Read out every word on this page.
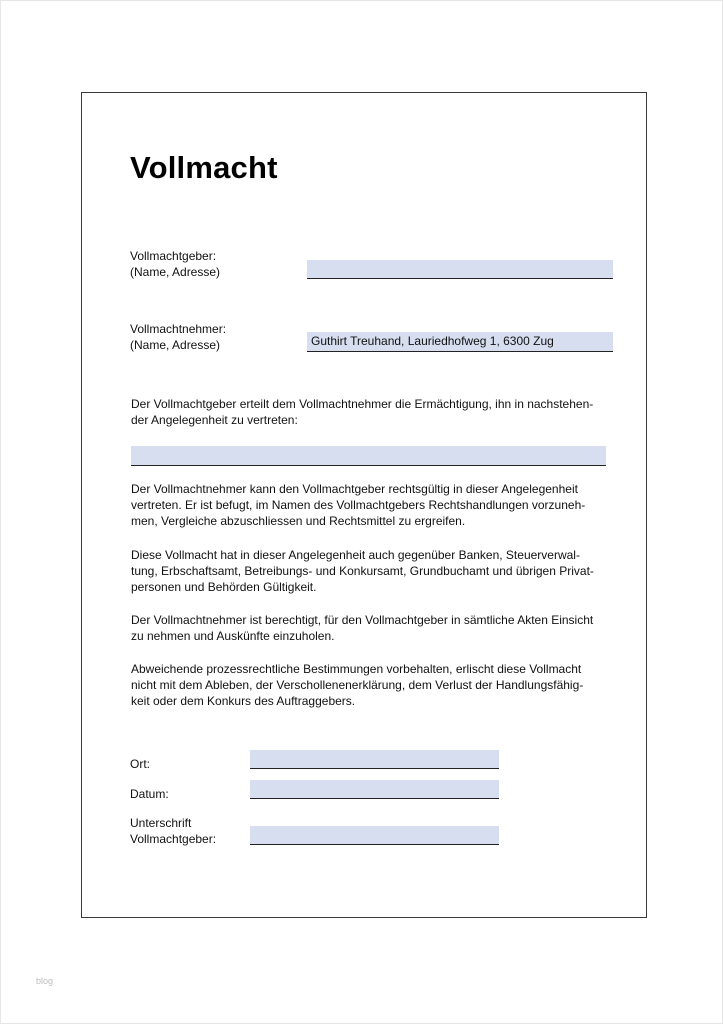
Vollmacht
Vollmachtgeber:
(Name, Adresse)
Vollmachtnehmer:
(Name, Adresse)	Guthirt Treuhand, Lauriedhofweg 1, 6300 Zug
Der Vollmachtgeber erteilt dem Vollmachtnehmer die Ermächtigung, ihn in nachstehen-
der Angelegenheit zu vertreten:
Der Vollmachtnehmer kann den Vollmachtgeber rechtsgültig in dieser Angelegenheit
vertreten. Er ist befugt, im Namen des Vollmachtgebers Rechtshandlungen vorzuneh-
men, Vergleiche abzuschliessen und Rechtsmittel zu ergreifen.
Diese Vollmacht hat in dieser Angelegenheit auch gegenüber Banken, Steuerverwal-
tung, Erbschaftsamt, Betreibungs- und Konkursamt, Grundbuchamt und übrigen Privat-
personen und Behörden Gültigkeit.
Der Vollmachtnehmer ist berechtigt, für den Vollmachtgeber in sämtliche Akten Einsicht
zu nehmen und Auskünfte einzuholen.
Abweichende prozessrechtliche Bestimmungen vorbehalten, erlischt diese Vollmacht
nicht mit dem Ableben, der Verschollenenerklärung, dem Verlust der Handlungsfähig-
keit oder dem Konkurs des Auftraggebers.
Ort:
Datum:
Unterschrift
Vollmachtgeber:
blog
